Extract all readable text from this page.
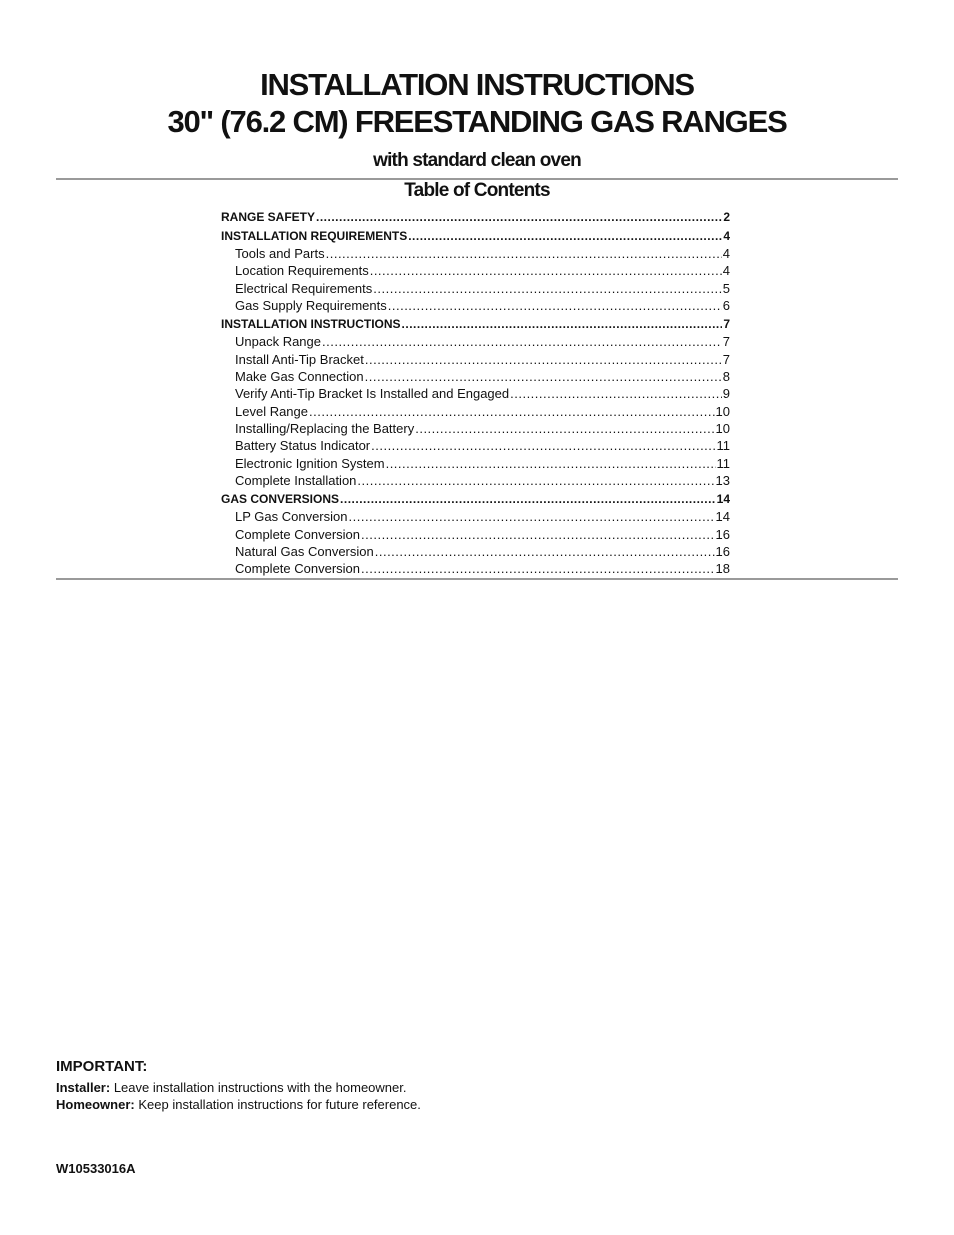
INSTALLATION INSTRUCTIONS
30" (76.2 CM) FREESTANDING GAS RANGES
with standard clean oven
Table of Contents
RANGE SAFETY .....	2
INSTALLATION REQUIREMENTS .....	4
Tools and Parts .....	4
Location Requirements .....	4
Electrical Requirements .....	5
Gas Supply Requirements .....	6
INSTALLATION INSTRUCTIONS .....	7
Unpack Range .....	7
Install Anti-Tip Bracket .....	7
Make Gas Connection .....	8
Verify Anti-Tip Bracket Is Installed and Engaged .....	9
Level Range .....	10
Installing/Replacing the Battery .....	10
Battery Status Indicator .....	11
Electronic Ignition System .....	11
Complete Installation .....	13
GAS CONVERSIONS .....	14
LP Gas Conversion .....	14
Complete Conversion .....	16
Natural Gas Conversion .....	16
Complete Conversion .....	18
IMPORTANT:
Installer: Leave installation instructions with the homeowner.
Homeowner: Keep installation instructions for future reference.
W10533016A
